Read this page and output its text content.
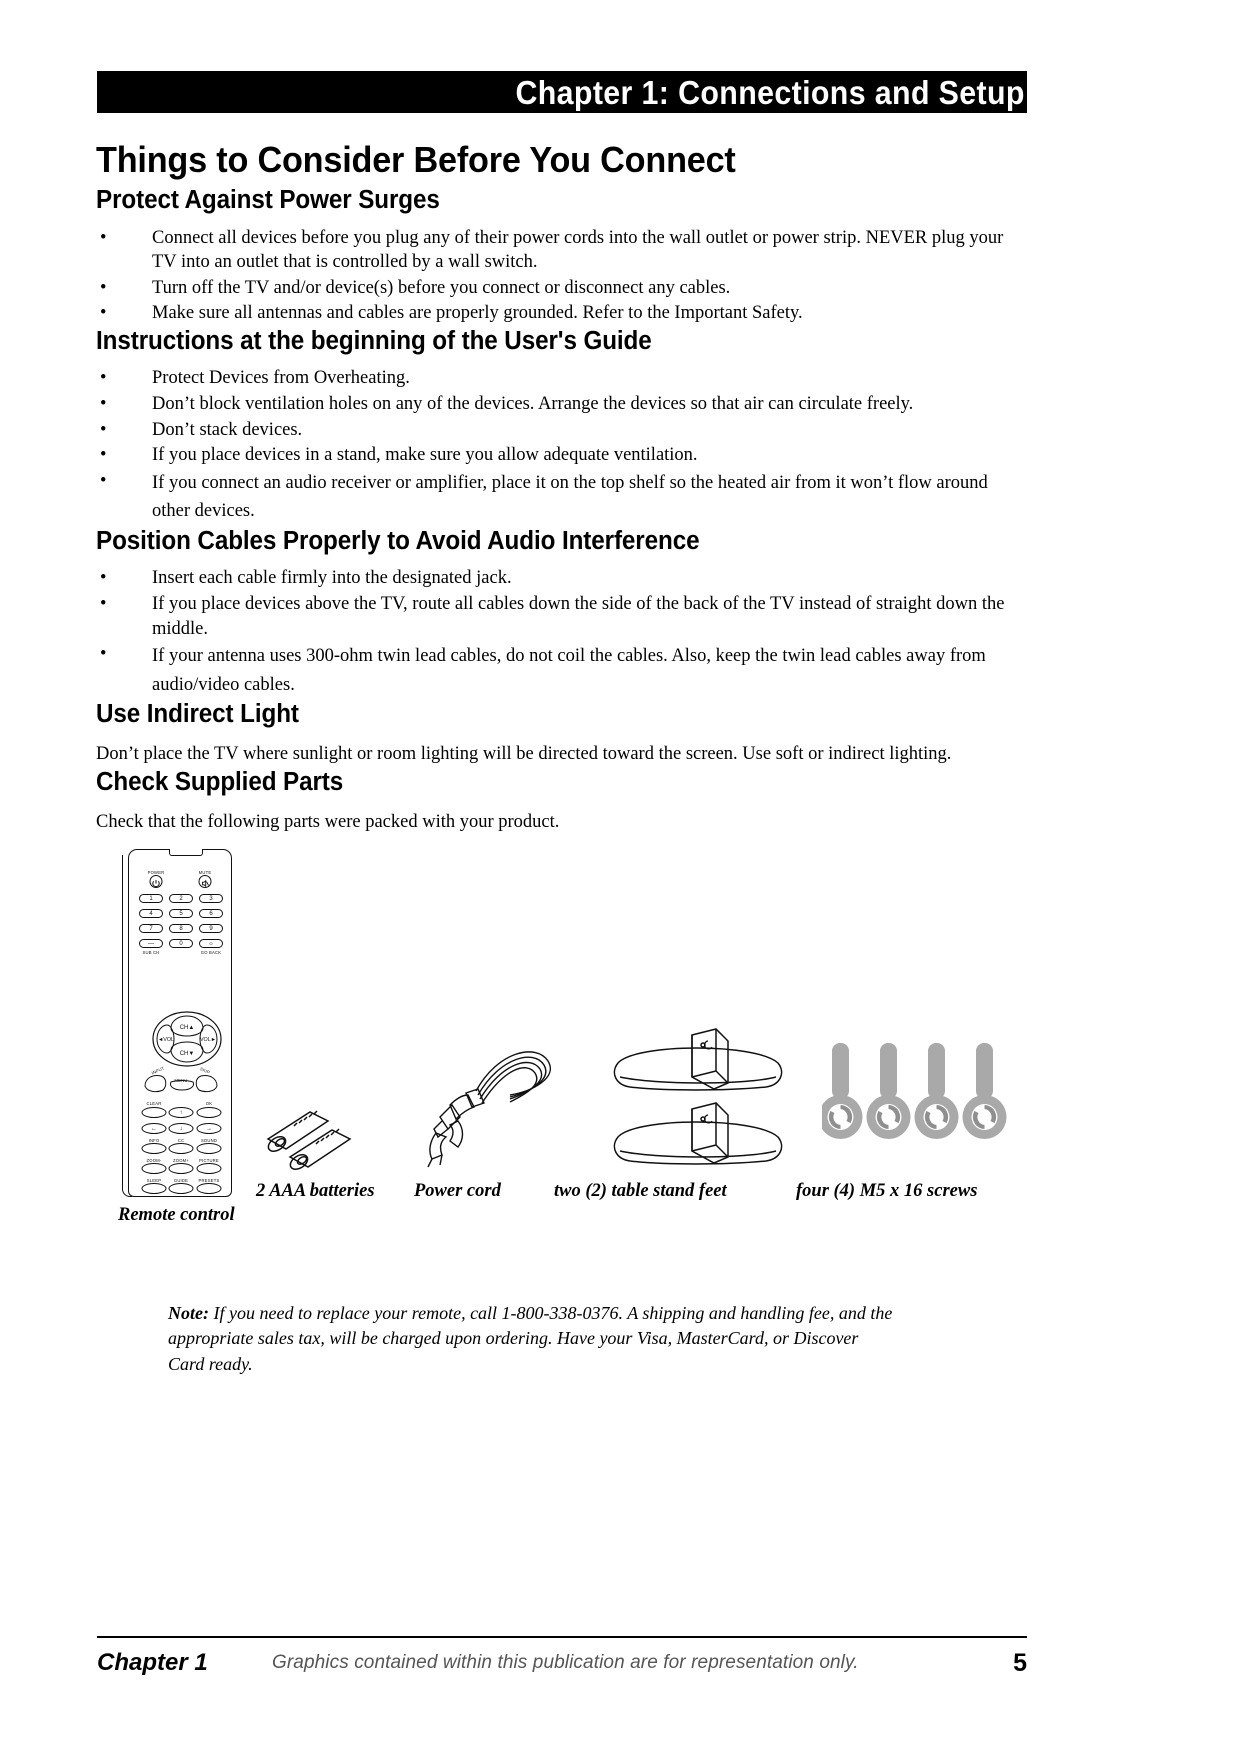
Chapter 1: Connections and Setup
Things to Consider Before You Connect
Protect Against Power Surges
• Connect all devices before you plug any of their power cords into the wall outlet or power strip. NEVER plug your TV into an outlet that is controlled by a wall switch.
• Turn off the TV and/or device(s) before you connect or disconnect any cables.
• Make sure all antennas and cables are properly grounded. Refer to the Important Safety.
Instructions at the beginning of the User's Guide
• Protect Devices from Overheating.
• Don’t block ventilation holes on any of the devices. Arrange the devices so that air can circulate freely.
• Don’t stack devices.
• If you place devices in a stand, make sure you allow adequate ventilation.
• If you connect an audio receiver or amplifier, place it on the top shelf so the heated air from it won’t flow around other devices.
Position Cables Properly to Avoid Audio Interference
• Insert each cable firmly into the designated jack.
• If you place devices above the TV, route all cables down the side of the back of the TV instead of straight down the middle.
• If your antenna uses 300-ohm twin lead cables, do not coil the cables. Also, keep the twin lead cables away from audio/video cables.
Use Indirect Light

Don’t place the TV where sunlight or room lighting will be directed toward the screen. Use soft or indirect lighting.

Check Supplied Parts

Check that the following parts were packed with your product.

POWER	MUTE
1	2	3
4	5	6
7	8	9
—	0	☼
SUB CH	GO BACK
CH▲
CH▼
◄VOL	VOL►
INPUT
MENU
SKIP
CLEAR	OK
↑
←	↓	→
INFO	CC	SOUND
ZOOM-	ZOOM+ PICTURE
SLEEP	GUIDE PRESETS
Remote control
2 AAA batteries Power cord	two (2) table stand feet	four (4) M5 x 16 screws
Note: If you need to replace your remote, call 1-800-338-0376. A shipping and handling fee, and the appropriate sales tax, will be charged upon ordering. Have your Visa, MasterCard, or Discover Card ready.
Chapter 1	Graphics contained within this publication are for representation only.	5
